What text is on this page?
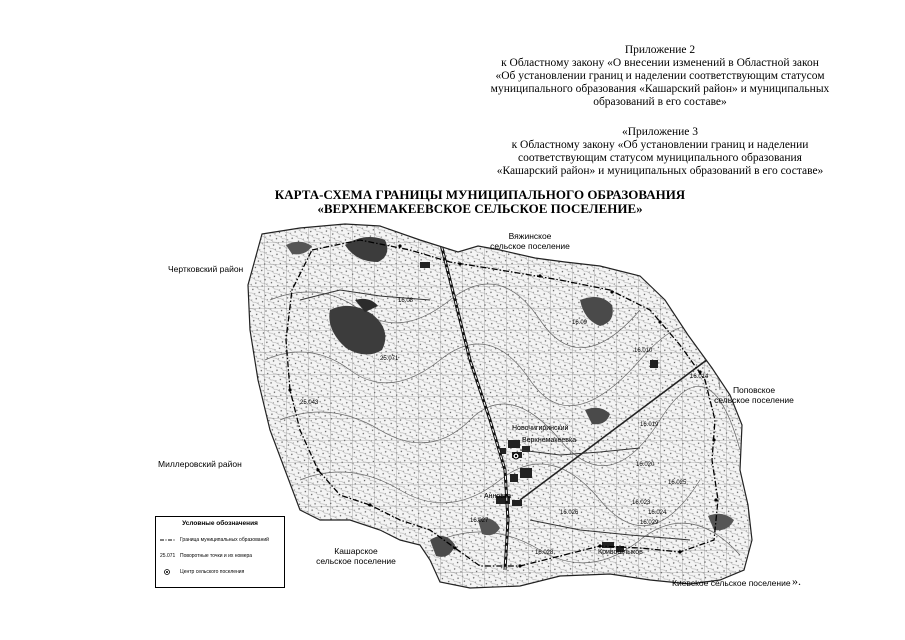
Приложение 2
к Областному закону «О внесении изменений в Областной закон
«Об установлении границ и наделении соответствующим статусом
муниципального образования «Кашарский район» и муниципальных
образований в его составе»
«Приложение 3
к Областному закону «Об установлении границ и наделении
соответствующим статусом муниципального образования
«Кашарский район» и муниципальных образований в его составе»
КАРТА-СХЕМА ГРАНИЦЫ МУНИЦИПАЛЬНОГО ОБРАЗОВАНИЯ
«ВЕРХНЕМАКЕЕВСКОЕ СЕЛЬСКОЕ ПОСЕЛЕНИЕ»
Новочигиринский
Верхнемакеевка
Анновка
Кривошлыков
16.08
16.09
16.010
16.014
16.019
16.020
16.023
16.024
16.025
16.026
16.027
16.028
16.029
25.071
25.043
Вяжинское
сельское поселение
Чертковский район
Поповское
сельское поселение
Миллеровский район
Кашарское
сельское поселение
Киевское сельское поселение
Условные обозначения
Граница муниципальных образований
25.071 Поворотные точки и их номера
Центр сельского поселения
».
